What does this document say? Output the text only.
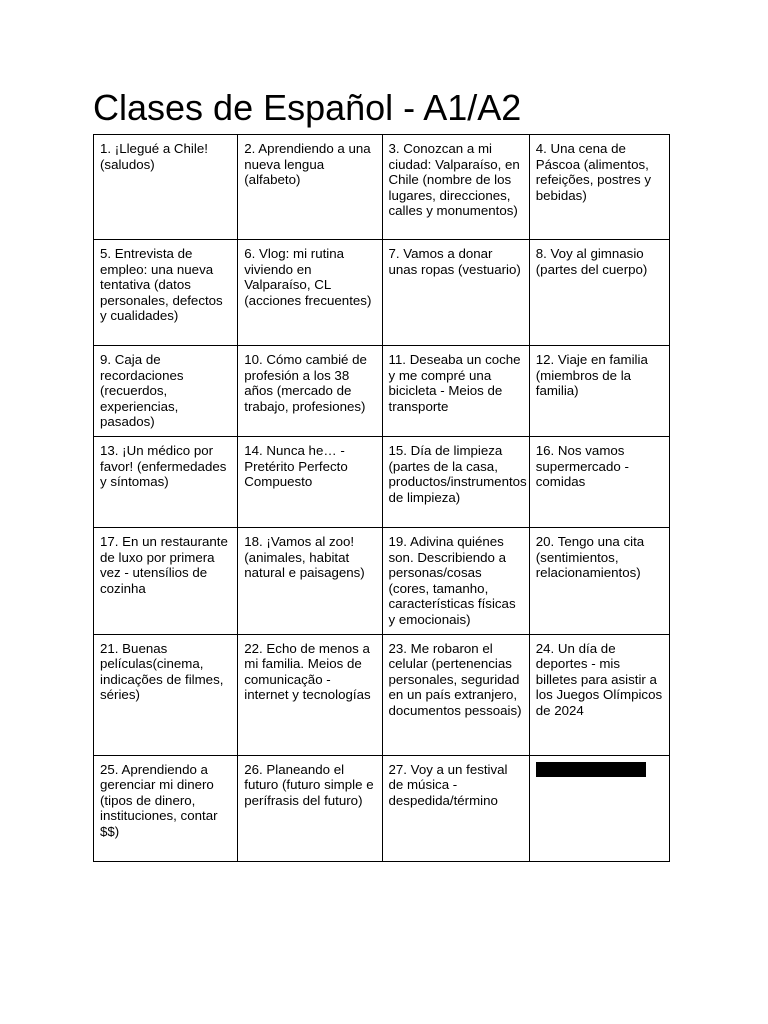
Clases de Español - A1/A2
1. ¡Llegué a Chile! (saludos)	2. Aprendiendo a una nueva lengua (alfabeto)	3. Conozcan a mi ciudad: Valparaíso, en Chile (nombre de los lugares, direcciones, calles y monumentos)	4. Una cena de Páscoa (alimentos, refeições, postres y bebidas)
5. Entrevista de empleo: una nueva tentativa (datos personales, defectos y cualidades)	6. Vlog: mi rutina viviendo en Valparaíso, CL (acciones frecuentes)	7. Vamos a donar unas ropas (vestuario)	8. Voy al gimnasio (partes del cuerpo)
9. Caja de recordaciones (recuerdos, experiencias, pasados)	10. Cómo cambié de profesión a los 38 años (mercado de trabajo, profesiones)	11. Deseaba un coche y me compré una bicicleta - Meios de transporte	12. Viaje en familia (miembros de la familia)
13. ¡Un médico por favor! (enfermedades y síntomas)	14. Nunca he… - Pretérito Perfecto Compuesto	15. Día de limpieza (partes de la casa, productos/instrumentos de limpieza)	16. Nos vamos supermercado - comidas
17. En un restaurante de luxo por primera vez - utensílios de cozinha	18. ¡Vamos al zoo! (animales, habitat natural e paisagens)	19. Adivina quiénes son. Describiendo a personas/cosas (cores, tamanho, características físicas y emocionais)	20. Tengo una cita (sentimientos, relacionamientos)
21. Buenas películas(cinema, indicações de filmes, séries)	22. Echo de menos a mi familia. Meios de comunicação - internet y tecnologías	23. Me robaron el celular (pertenencias personales, seguridad en un país extranjero, documentos pessoais)	24. Un día de deportes - mis billetes para asistir a los Juegos Olímpicos de 2024
25. Aprendiendo a gerenciar mi dinero (tipos de dinero, instituciones, contar $$)	26. Planeando el futuro (futuro simple e perífrasis del futuro)	27. Voy a un festival de música - despedida/término	
